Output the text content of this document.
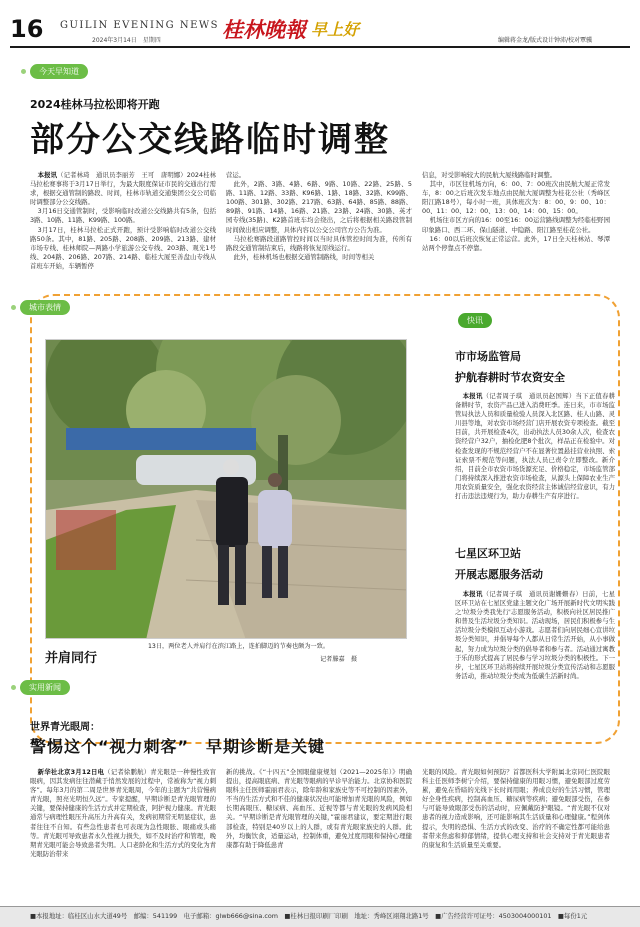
16 GUILIN EVENING NEWS
2024年3月14日　星期四	桂林晚報 早上好
编辑蒋金龙/版式设计钟沛/校对覃骥
今天早知道
2024桂林马拉松即将开跑
部分公交线路临时调整

本报讯（记者林琦　通讯员李丽芳　王可　唐明娜）2024桂林马拉松赛事将于3月17日举行，为最大限度保证市民的交通出行需求，根据交通管制的路段、时间，桂林市轨道交通集团公交公司临时调整部分公交线路。

3月16日交通管制时，受影响临时改道公交线路共有5条，包括3路、10路、11路、K99路、100路。

3月17日，桂林马拉松正式开跑，预计受影响临时改道公交线路50条。其中，81路、205路、208路、209路、213路、建材市场专线、桂林师院—两路小学旅游公交专线、203路、观光1号线、204路、206路、207路、214路、临桂大厦至善盘山专线从首班车开始，车辆暂停

营运。

此外，2路、3路、4路、6路、9路、10路、22路、25路、5路、11路、12路、33路、K96路、1路、18路、32路、K99路、100路、301路、302路、217路、63路、64路、85路、88路、89路、91路、14路、16路、21路、23路、24路、30路、英才园专线(35路)、K2路首班车均会绕出，之后将根据相关路段管制时间做出相应调整，具体内容以公交公司官方公告为准。

马拉松赛路段道路管控时间以当时具体管控时间为准，传所有路段交通管制结束后，线路将恢复原线运行。

此外，桂林机场也根据交通管制路线，时间等相关

信息，对受影响较大的民航大厦线路临时调整。

其中，市区往机场方向，6：00、7：00班次由民航大厦正常发车，8：00之后班次发车地点由民航大厦调整为桂花公社（秀峰区阳江路18号），每小时一班，具体班次为：8：00、9：00、10：00、11：00、12：00、13：00、14：00、15：00。

机场往市区方向的16：00至16：00运营路线调整为经临桂野园印象路口、西二环、保山隧道、中隐路、阳江路至桂花公社。

16：00以后班次恢复正常运营。此外，17日全天桂林站、琴潭站两个停靠点不停靠。

城市表情
快讯
并肩同行
13日，两位老人并肩行在滨江路上，连拍脚迈的节奏也颇为一致。
记者滕嘉　摄
市市场监管局
护航春耕时节农资安全

本报讯（记者周子琪　通讯员赵国辉）当下正值春耕备耕时节，农资产品已进入消费旺季。连日来，市市场监管局执法人员和质量检验人员深入北区路、桂人山路、灵川县等地，对农资市场经营门店开展农资专项检查。截至目前，共开展检查4次，出动执法人员30余人次，检查农资经营户32户，抽检化肥8个批次，样品正在检验中。对检查发现的不规范经营户不在显著位置悬挂营业执照、索证索票不规范等问题，执法人员已责令立即整改。新介绍，目前全市农资市场货源充足、价格稳定，市场监管部门将持续深入推进农资市场检查，从源头上保障农业生产用农资质量安全，强化农资经营主体诚信经营意识，有力打击违法违规行为，助力春耕生产有序进行。

七星区环卫站
开展志愿服务活动

本报讯（记者周子琪　通讯员谢姗姗春）日前，七星区环卫站在七星区党建主题文化广场开展新时代文明实践之'垃圾分类我先行'志愿服务活动，积极向社区居民推广和普及生活垃圾分类知识。活动现场，居民们积极参与生活垃圾分类模拟互动小游戏。志愿者们向居民细心宣讲垃圾分类知识，并倡导每个人都从日常生活开始，从小事做起，努力成为垃圾分类的倡导者和参与者。活动通过寓教于乐的形式提高了居民参与学习垃圾分类的积极性。下一步，七星区环卫站将持续开展垃圾分类宣传活动和志愿服务活动，推动垃圾分类成为低碳生活新时尚。

实用新闻
世界青光眼周：
警惕这个“视力刺客”　早期诊断是关键

新华社北京3月12日电（记者徐鹏航）青光眼是一种慢性致盲眼病，因其发病往往潜藏于悄然发展的过程中，常被称为“视力刺客”。每年3月的第二周是世界青光眼周，今年的主题为“共营慢病青光眼，照亮光明恒久远”。专家提醒，早期诊断是青光眼管理的关键，要保持健康的生活方式并定期检查，阿护视力健康。青光眼通常与病理性眼压升高压力升高有关，发病初期常无明显症状，患者往往不自知。有些急性患者也可表现为急性眼胀、眼痛或头痛等。青光眼可导致患者永久性视力损失，如不及时治疗和管理，晚期青光眼可能会导致患者失明。人口老龄化和生活方式的变化为青光眼防治带来

新的挑战。《“十四五”全国眼健康规划（2021—2025年）》明确提出，提高眼底病、青光眼等眼病的早诊早治能力。北京协和医院眼科主任医师霍丽君表示，除年龄和家族史等不可控制的因素外，不当的生活方式和不佳的健康状况也可能增加青光眼的风险，例如长期高眼压、糖尿病、高血压、近视等都与青光眼的发病风险相关。“早期诊断是青光眼管理的关键，”霍丽君建议，要定期进行眼部检查，特别是40岁以上的人群，或有青光眼家族史的人群。此外，均衡饮食，适量运动，控制体重，避免过度用眼和保持心理健康都有助于降低患青

光眼的风险。青光眼如何预防？首都医科大学附属北京同仁医院眼科主任医师李树宁介绍，要保持健康的用眼习惯，避免眼部过度劳累，避免在昏暗的光线下长时间用眼；养成良好的生活习惯，管理好全身性疾病，控制高血压、糖尿病等疾病；避免眼部受伤，在参与可能导致眼部受伤的活动时，应佩戴防护眼镜。“青光眼不仅对患者的视力造成影响，还可能影响其生活质量和心理健康。”程剑体提示，失明的恐惧、生活方式的改变、治疗的不确定性都可能给患者带来焦虑和抑郁情绪，提供心理支持和社会支持对于青光眼患者的康复和生活质量至关重要。

■本报地址：临桂区山水大道49号　邮编：541199　电子邮箱：glwb666@sina.com　■桂林日报印刷厂印刷　地址：秀峰区翊翔北路1号　■广告经营许可证号：4503004000101　■每份1元
